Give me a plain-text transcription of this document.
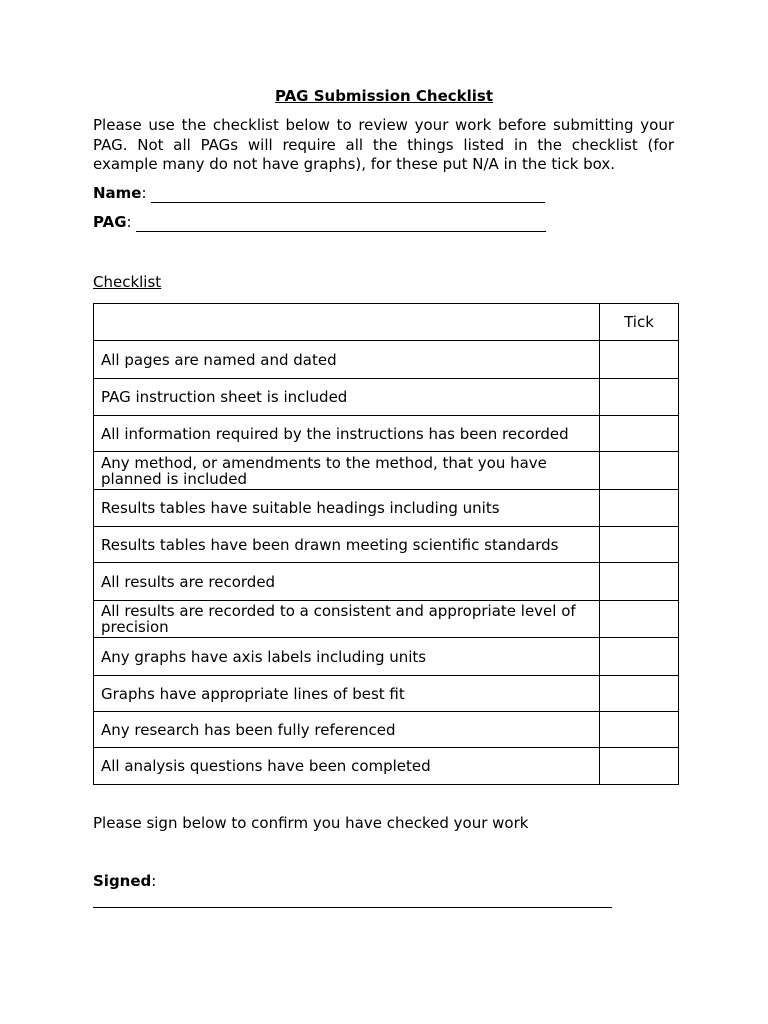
PAG Submission Checklist
Please use the checklist below to review your work before submitting your PAG. Not all PAGs will require all the things listed in the checklist (for example many do not have graphs), for these put N/A in the tick box.
Name:
PAG:
Checklist
	Tick
All pages are named and dated	
PAG instruction sheet is included	
All information required by the instructions has been recorded	
Any method, or amendments to the method, that you have planned is included	
Results tables have suitable headings including units	
Results tables have been drawn meeting scientific standards	
All results are recorded	
All results are recorded to a consistent and appropriate level of precision	
Any graphs have axis labels including units	
Graphs have appropriate lines of best fit	
Any research has been fully referenced	
All analysis questions have been completed	
Please sign below to confirm you have checked your work
Signed:
